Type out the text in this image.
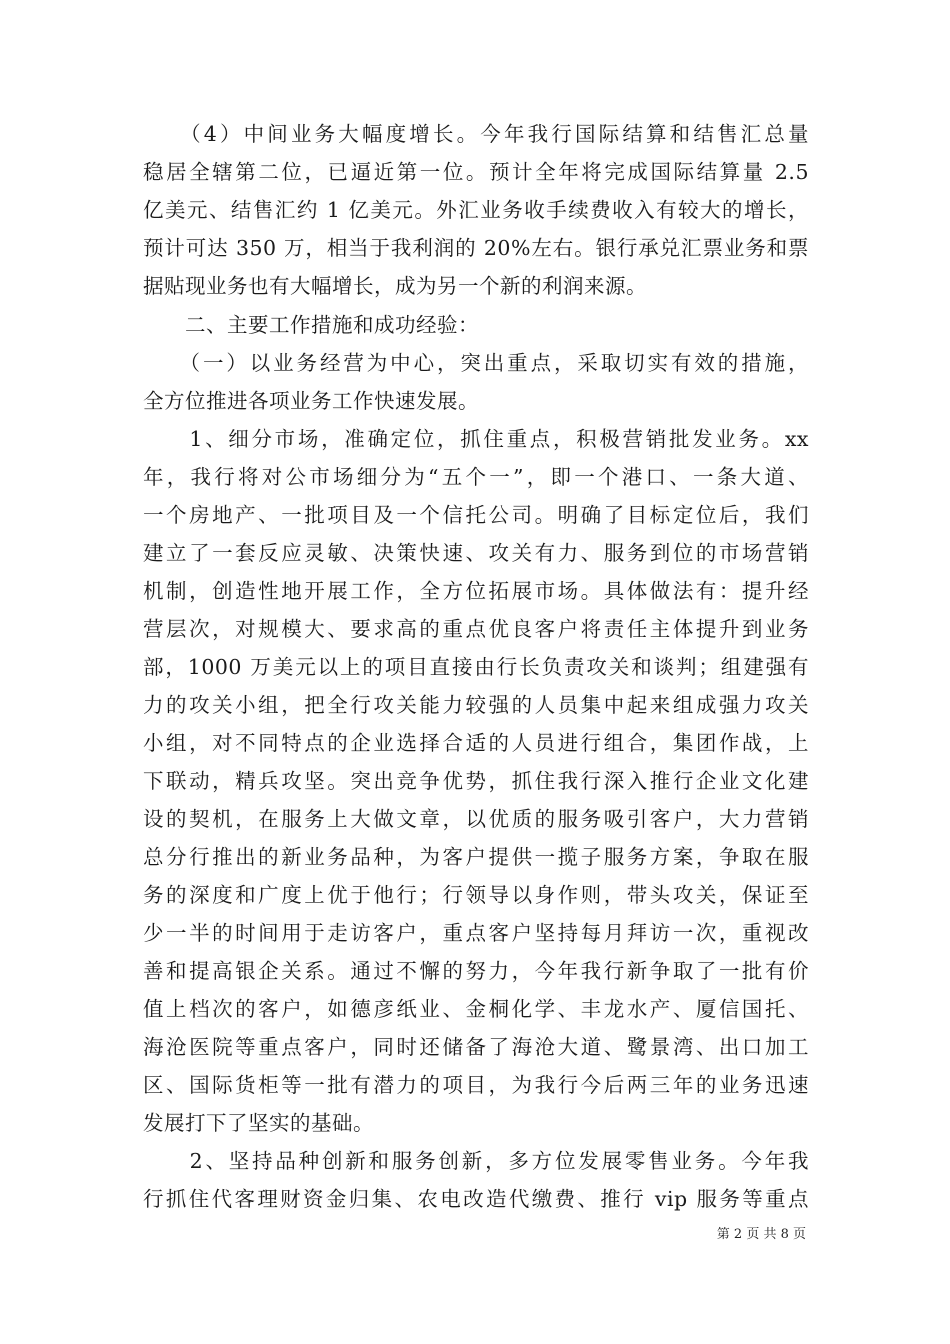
　　（4）中间业务大幅度增长。今年我行国际结算和结售汇总量
稳居全辖第二位，已逼近第一位。预计全年将完成国际结算量 2.5
亿美元、结售汇约 1 亿美元。外汇业务收手续费收入有较大的增长，
预计可达 350 万，相当于我利润的 20%左右。银行承兑汇票业务和票
据贴现业务也有大幅增长，成为另一个新的利润来源。
　　二、主要工作措施和成功经验：
　　（一）以业务经营为中心，突出重点，采取切实有效的措施，
全方位推进各项业务工作快速发展。
　　1、细分市场，准确定位，抓住重点，积极营销批发业务。xx
年，我行将对公市场细分为“五个一”，即一个港口、一条大道、
一个房地产、一批项目及一个信托公司。明确了目标定位后，我们
建立了一套反应灵敏、决策快速、攻关有力、服务到位的市场营销
机制，创造性地开展工作，全方位拓展市场。具体做法有：提升经
营层次，对规模大、要求高的重点优良客户将责任主体提升到业务
部，1000 万美元以上的项目直接由行长负责攻关和谈判；组建强有
力的攻关小组，把全行攻关能力较强的人员集中起来组成强力攻关
小组，对不同特点的企业选择合适的人员进行组合，集团作战，上
下联动，精兵攻坚。突出竞争优势，抓住我行深入推行企业文化建
设的契机，在服务上大做文章，以优质的服务吸引客户，大力营销
总分行推出的新业务品种，为客户提供一揽子服务方案，争取在服
务的深度和广度上优于他行；行领导以身作则，带头攻关，保证至
少一半的时间用于走访客户，重点客户坚持每月拜访一次，重视改
善和提高银企关系。通过不懈的努力，今年我行新争取了一批有价
值上档次的客户，如德彦纸业、金桐化学、丰龙水产、厦信国托、
海沧医院等重点客户，同时还储备了海沧大道、鹭景湾、出口加工
区、国际货柜等一批有潜力的项目，为我行今后两三年的业务迅速
发展打下了坚实的基础。
　　2、坚持品种创新和服务创新，多方位发展零售业务。今年我
行抓住代客理财资金归集、农电改造代缴费、推行 vip 服务等重点
第 2 页 共 8 页
